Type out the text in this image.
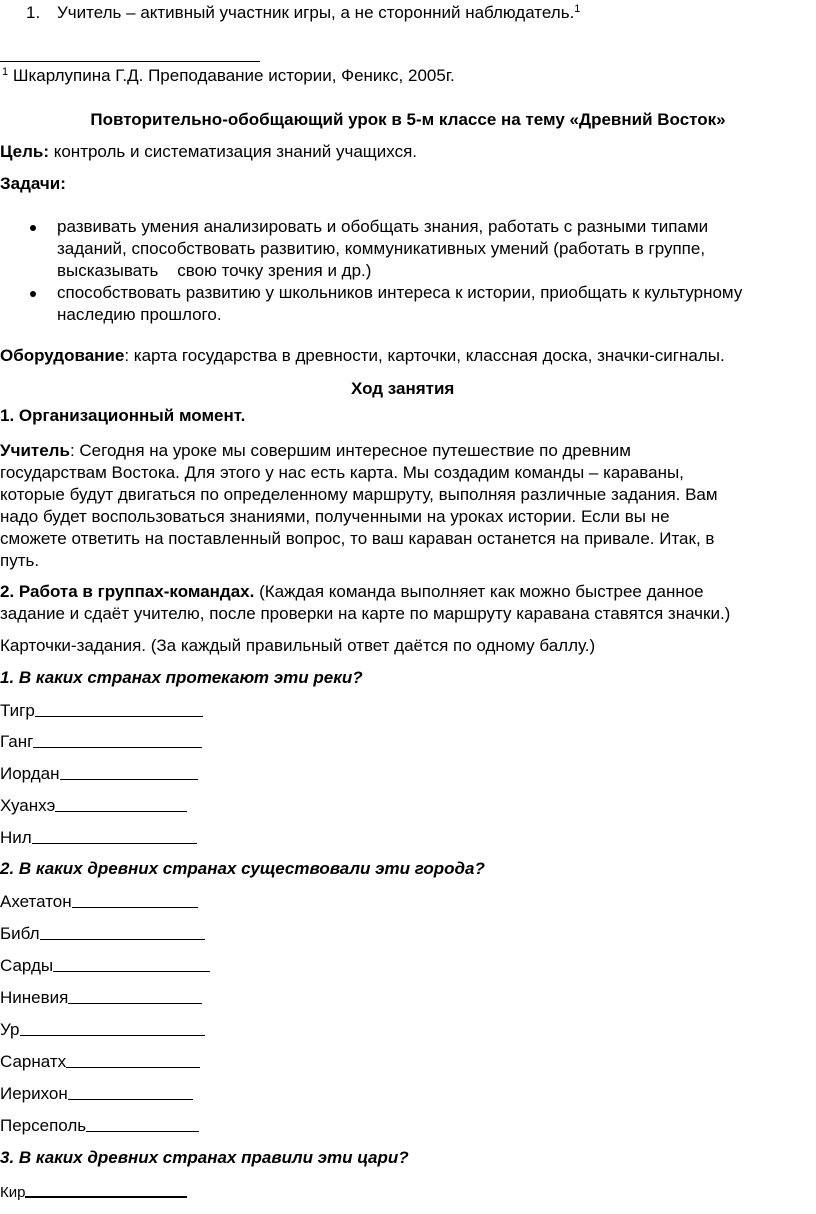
1. Учитель – активный участник игры, а не сторонний наблюдатель.$^1$
$^1$ Шкарлупина Г.Д. Преподавание истории, Феникс, 2005г.
Повторительно-обобщающий урок в 5-м классе на тему «Древний Восток»
Цель: контроль и систематизация знаний учащихся.
Задачи:
развивать умения анализировать и обобщать знания, работать с разными типами
заданий, способствовать развитию, коммуникативных умений (работать в группе,
высказывать    свою точку зрения и др.)
способствовать развитию у школьников интереса к истории, приобщать к культурному
наследию прошлого.
Оборудование: карта государства в древности, карточки, классная доска, значки-сигналы.
Ход занятия
1. Организационный момент.
Учитель: Сегодня на уроке мы совершим интересное путешествие по древним
государствам Востока. Для этого у нас есть карта. Мы создадим команды – караваны,
которые будут двигаться по определенному маршруту, выполняя различные задания. Вам
надо будет воспользоваться знаниями, полученными на уроках истории. Если вы не
сможете ответить на поставленный вопрос, то ваш караван останется на привале. Итак, в
путь.
2. Работа в группах-командах. (Каждая команда выполняет как можно быстрее данное
задание и сдаёт учителю, после проверки на карте по маршруту каравана ставятся значки.)
Карточки-задания. (За каждый правильный ответ даётся по одному баллу.)
1. В каких странах протекают эти реки?
Тигр
Ганг
Иордан
Хуанхэ
Нил
2. В каких древних странах существовали эти города?
Ахетатон
Библ
Сарды
Ниневия
Ур
Сарнатх
Иерихон
Персеполь
3. В каких древних странах правили эти цари?
Кир
